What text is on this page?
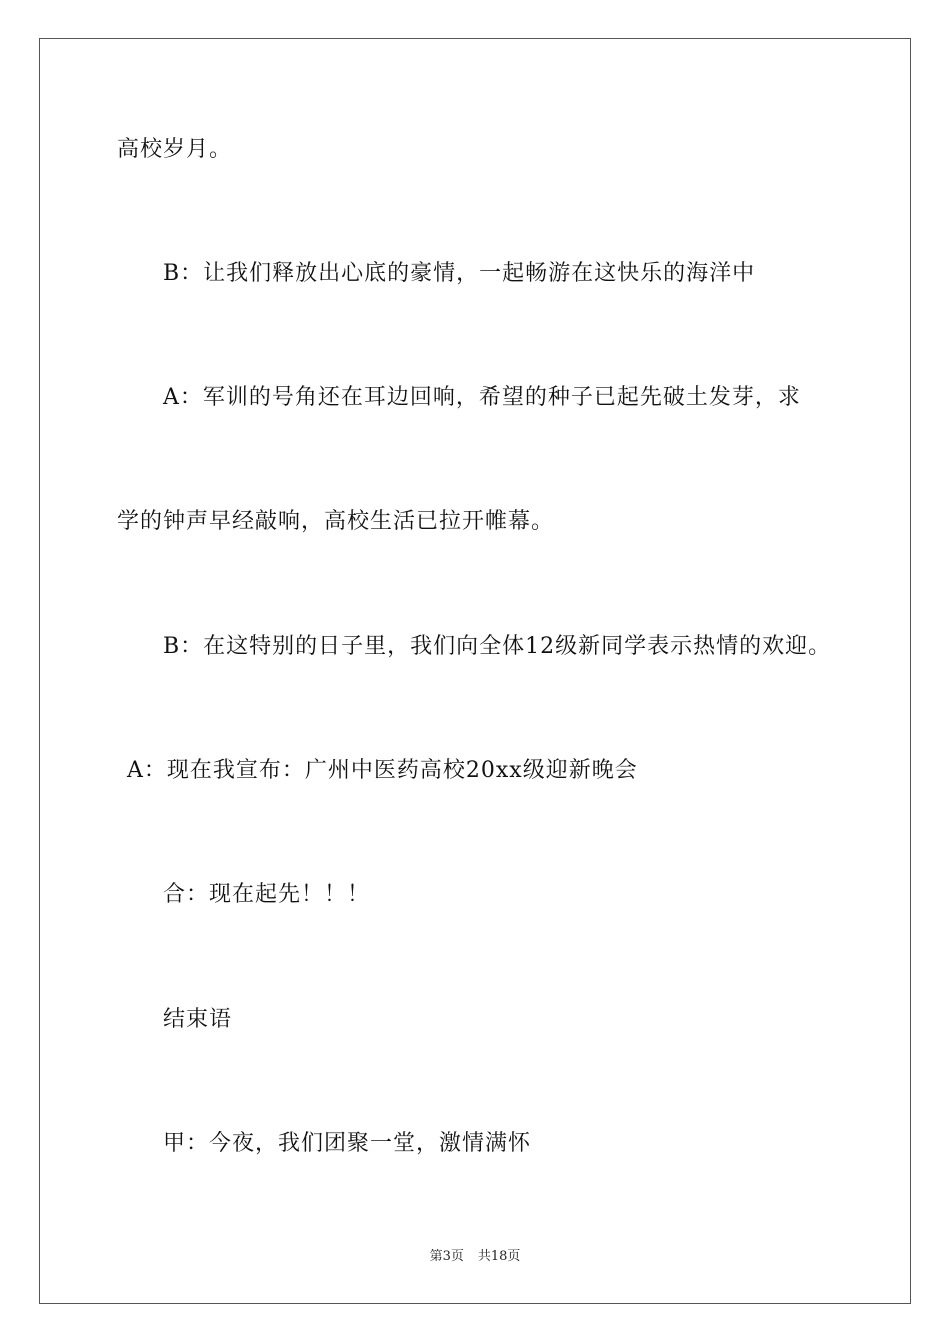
高校岁月。
B：让我们释放出心底的豪情，一起畅游在这快乐的海洋中
A：军训的号角还在耳边回响，希望的种子已起先破土发芽，求
学的钟声早经敲响，高校生活已拉开帷幕。
B：在这特别的日子里，我们向全体12级新同学表示热情的欢迎。
A：现在我宣布：广州中医药高校20xx级迎新晚会
合：现在起先！！！
结束语
甲：今夜，我们团聚一堂，激情满怀
第3页 共18页
